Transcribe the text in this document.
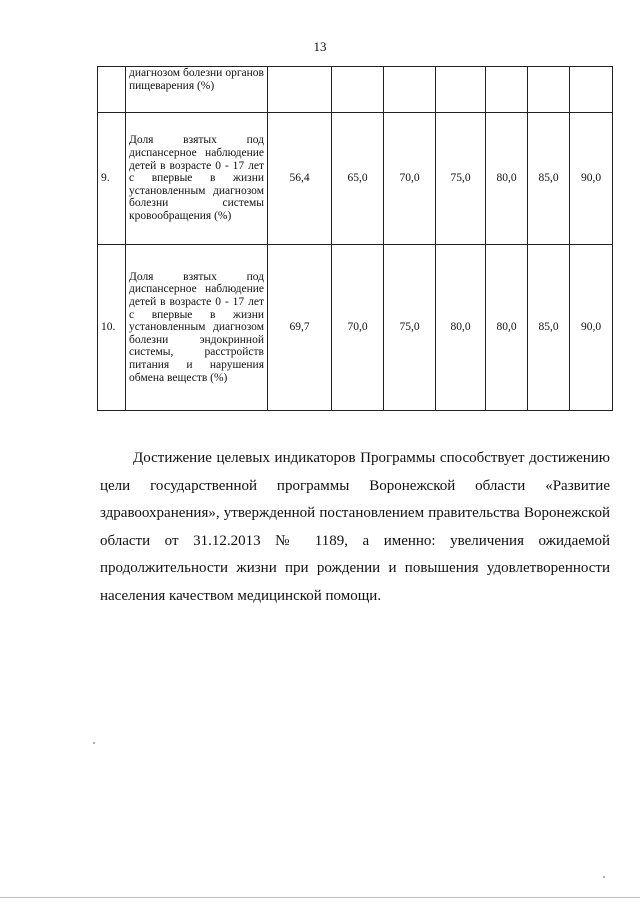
13
	диагнозом болезни органов пищеварения (%)							
9.	Доля взятых под диспансерное наблюдение детей в возрасте 0 - 17 лет с впервые в жизни установленным диагнозом болезни системы кровообращения (%)	56,4	65,0	70,0	75,0	80,0	85,0	90,0
10.	Доля взятых под диспансерное наблюдение детей в возрасте 0 - 17 лет с впервые в жизни установленным диагнозом болезни эндокринной системы, расстройств питания и нарушения обмена веществ (%)	69,7	70,0	75,0	80,0	80,0	85,0	90,0

Достижение целевых индикаторов Программы способствует достижению цели государственной программы Воронежской области «Развитие здравоохранения», утвержденной постановлением правительства Воронежской области от 31.12.2013 № 1189, а именно: увеличения ожидаемой продолжительности жизни при рождении и повышения удовлетворенности населения качеством медицинской помощи.
